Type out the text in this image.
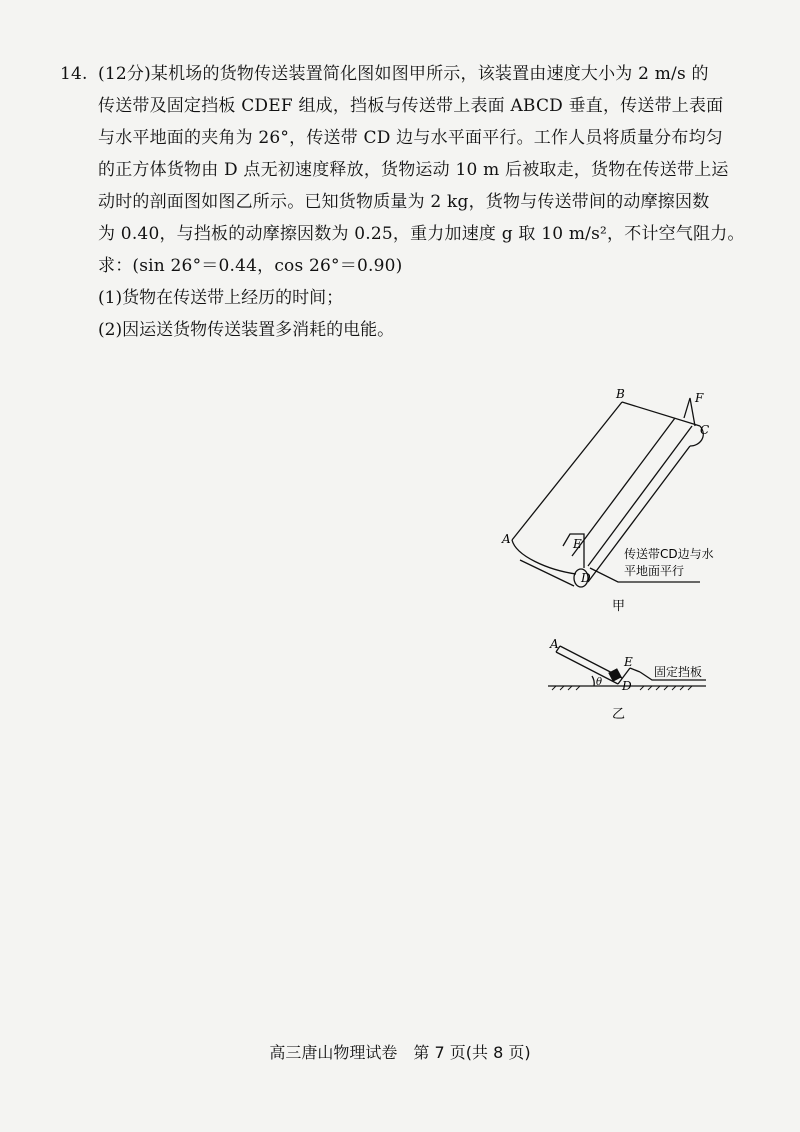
14. (12分)某机场的货物传送装置简化图如图甲所示，该装置由速度大小为 2 m/s 的
传送带及固定挡板 CDEF 组成，挡板与传送带上表面 ABCD 垂直，传送带上表面
与水平地面的夹角为 26°，传送带 CD 边与水平面平行。工作人员将质量分布均匀
的正方体货物由 D 点无初速度释放，货物运动 10 m 后被取走，货物在传送带上运
动时的剖面图如图乙所示。已知货物质量为 2 kg，货物与传送带间的动摩擦因数
为 0.40，与挡板的动摩擦因数为 0.25，重力加速度 g 取 10 m/s²，不计空气阻力。
求：(sin 26°＝0.44，cos 26°＝0.90)
(1)货物在传送带上经历的时间；
(2)因运送货物传送装置多消耗的电能。
A
B
C
D
E
F
传送带CD边与水
平地面平行
甲
A
E
D
θ
固定挡板
乙
高三唐山物理试卷　第 7 页(共 8 页)
